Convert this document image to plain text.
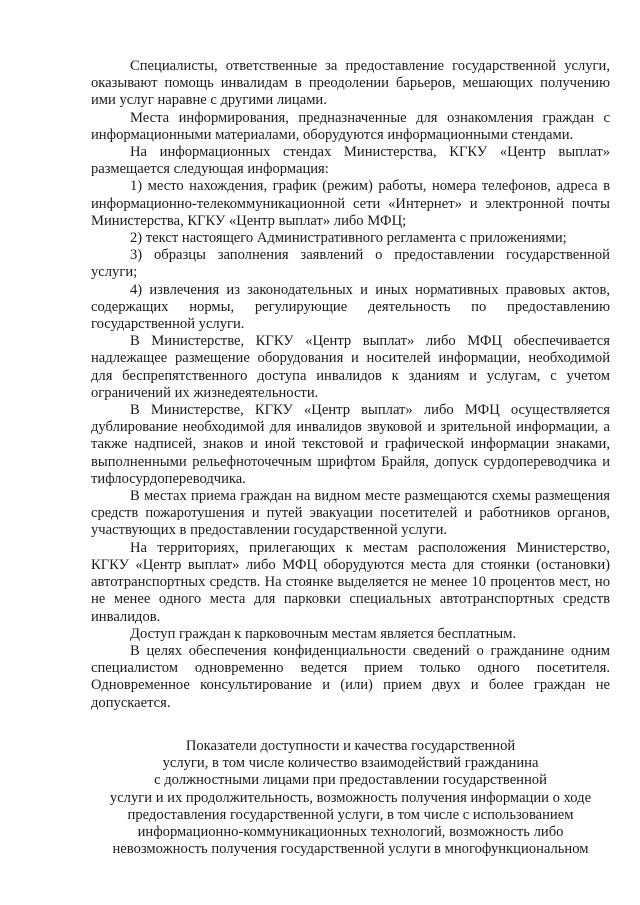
Специалисты, ответственные за предоставление государственной услуги, оказывают помощь инвалидам в преодолении барьеров, мешающих получению ими услуг наравне с другими лицами.

Места информирования, предназначенные для ознакомления граждан с информационными материалами, оборудуются информационными стендами.

На информационных стендах Министерства, КГКУ «Центр выплат» размещается следующая информация:

1) место нахождения, график (режим) работы, номера телефонов, адреса в информационно-телекоммуникационной сети «Интернет» и электронной почты Министерства, КГКУ «Центр выплат» либо МФЦ;

2) текст настоящего Административного регламента с приложениями;

3) образцы заполнения заявлений о предоставлении государственной услуги;

4) извлечения из законодательных и иных нормативных правовых актов, содержащих нормы, регулирующие деятельность по предоставлению государственной услуги.

В Министерстве, КГКУ «Центр выплат» либо МФЦ обеспечивается надлежащее размещение оборудования и носителей информации, необходимой для беспрепятственного доступа инвалидов к зданиям и услугам, с учетом ограничений их жизнедеятельности.

В Министерстве, КГКУ «Центр выплат» либо МФЦ осуществляется дублирование необходимой для инвалидов звуковой и зрительной информации, а также надписей, знаков и иной текстовой и графической информации знаками, выполненными рельефноточечным шрифтом Брайля, допуск сурдопереводчика и тифлосурдопереводчика.

В местах приема граждан на видном месте размещаются схемы размещения средств пожаротушения и путей эвакуации посетителей и работников органов, участвующих в предоставлении государственной услуги.

На территориях, прилегающих к местам расположения Министерство, КГКУ «Центр выплат» либо МФЦ оборудуются места для стоянки (остановки) автотранспортных средств. На стоянке выделяется не менее 10 процентов мест, но не менее одного места для парковки специальных автотранспортных средств инвалидов.

Доступ граждан к парковочным местам является бесплатным.

В целях обеспечения конфиденциальности сведений о гражданине одним специалистом одновременно ведется прием только одного посетителя. Одновременное консультирование и (или) прием двух и более граждан не допускается.

Показатели доступности и качества государственной
услуги, в том числе количество взаимодействий гражданина
с должностными лицами при предоставлении государственной
услуги и их продолжительность, возможность получения информации о ходе
предоставления государственной услуги, в том числе с использованием
информационно-коммуникационных технологий, возможность либо
невозможность получения государственной услуги в многофункциональном
